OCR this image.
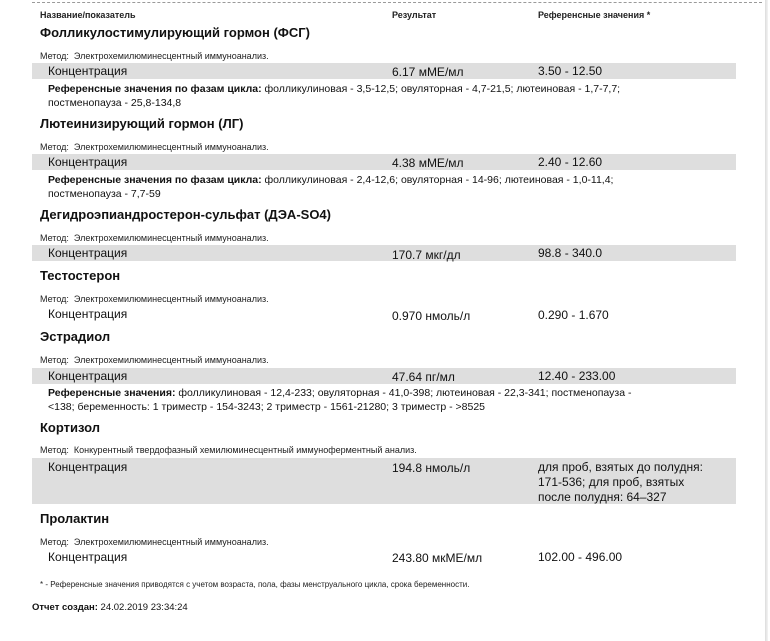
Название/показатель	Результат	Референсные значения *
Фолликулостимулирующий гормон (ФСГ)
Метод: Электрохемилюминесцентный иммуноанализ.
Концентрация	6.17 мМЕ/мл	3.50 - 12.50
Референсные значения по фазам цикла: фолликулиновая - 3,5-12,5; овуляторная - 4,7-21,5; лютеиновая - 1,7-7,7;
постменопауза - 25,8-134,8
Лютеинизирующий гормон (ЛГ)
Метод: Электрохемилюминесцентный иммуноанализ.
Концентрация	4.38 мМЕ/мл	2.40 - 12.60
Референсные значения по фазам цикла: фолликулиновая - 2,4-12,6; овуляторная - 14-96; лютеиновая - 1,0-11,4;
постменопауза - 7,7-59
Дегидроэпиандростерон-сульфат (ДЭА-SO4)
Метод: Электрохемилюминесцентный иммуноанализ.
Концентрация	170.7 мкг/дл	98.8 - 340.0
Тестостерон
Метод: Электрохемилюминесцентный иммуноанализ.
Концентрация	0.970 нмоль/л	0.290 - 1.670
Эстрадиол
Метод: Электрохемилюминесцентный иммуноанализ.
Концентрация	47.64 пг/мл	12.40 - 233.00
Референсные значения: фолликулиновая - 12,4-233; овуляторная - 41,0-398; лютеиновая - 22,3-341; постменопауза -
<138; беременность: 1 триместр - 154-3243; 2 триместр - 1561-21280; 3 триместр - >8525
Кортизол
Метод: Конкурентный твердофазный хемилюминесцентный иммуноферментный анализ.
Концентрация	194.8 нмоль/л	для проб, взятых до полудня:
171-536; для проб, взятых
после полудня: 64–327
Пролактин
Метод: Электрохемилюминесцентный иммуноанализ.
Концентрация	243.80 мкМЕ/мл	102.00 - 496.00
* - Референсные значения приводятся с учетом возраста, пола, фазы менструального цикла, срока беременности.
Отчет создан: 24.02.2019 23:34:24
